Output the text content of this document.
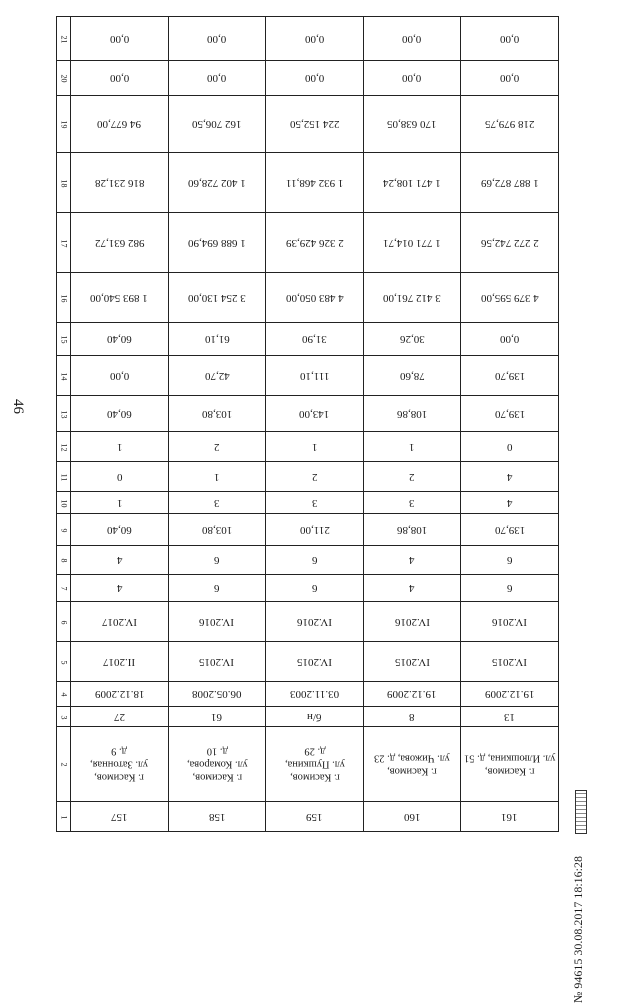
46
21	0,00	0,00	0,00	0,00	0,00
20	0,00	0,00	0,00	0,00	0,00
19	94 677,00	162 706,50	224 152,50	170 638,05	218 979,75
18	816 231,28	1 402 728,60	1 932 468,11	1 471 108,24	1 887 872,69
17	982 631,72	1 688 694,90	2 326 429,39	1 771 014,71	2 272 742,56
16	1 893 540,00	3 254 130,00	4 483 050,00	3 412 761,00	4 379 595,00
15	60,40	61,10	31,90	30,26	0,00
14	0,00	42,70	111,10	78,60	139,70
13	60,40	103,80	143,00	108,86	139,70
12	1	2	1	1	0
11	0	1	2	2	4
10	1	3	3	3	4
9	60,40	103,80	211,00	108,86	139,70
8	4	6	6	4	6
7	4	6	6	4	6
6	IV.2017	IV.2016	IV.2016	IV.2016	IV.2016
5	II.2017	IV.2015	IV.2015	IV.2015	IV.2015
4	18.12.2009	06.05.2008	03.11.2003	19.12.2009	19.12.2009
3	27	61	б/н	8	13
2	г. Касимов,
ул. Затонная,
д. 9	г. Касимов,
ул. Комарова,
д. 10	г. Касимов,
ул. Пушкина,
д. 29	г. Касимов,
ул. Чижова, д. 23	г. Касимов,
ул. Илюшкина, д. 51
1	157	158	159	160	161
№ 94615 30.08.2017 18:16:28
